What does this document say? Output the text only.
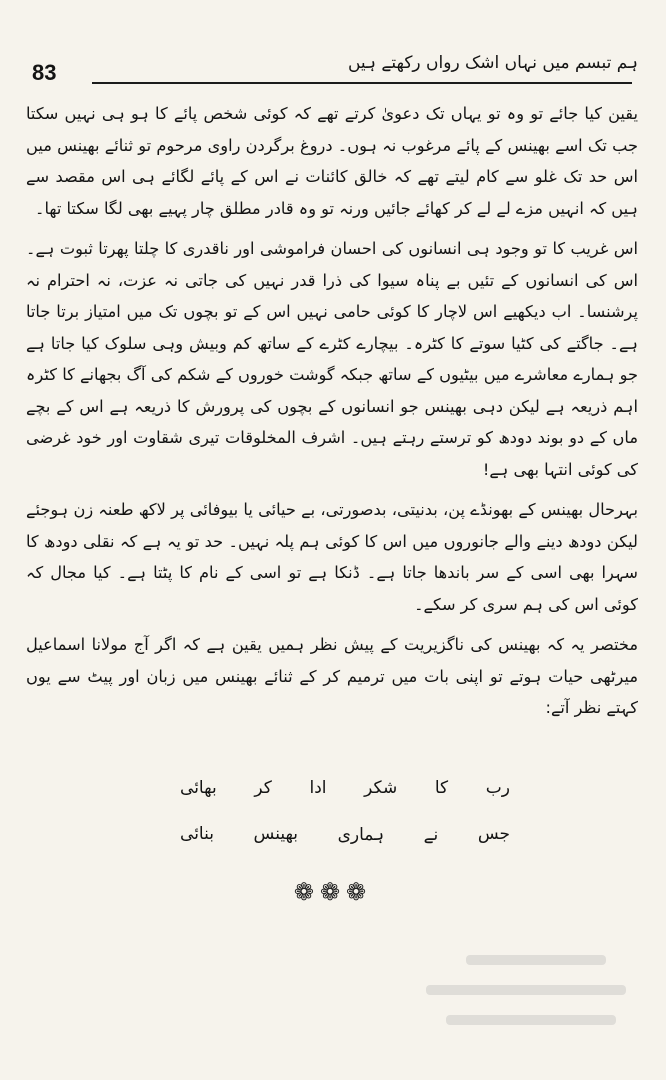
83	ہم تبسم میں نہاں اشک رواں رکھتے ہیں

یقین کیا جائے تو وہ تو یہاں تک دعویٰ کرتے تھے کہ کوئی شخص پائے کا ہو ہی نہیں سکتا جب تک اسے بھینس کے پائے مرغوب نہ ہوں۔ دروغ برگردن راوی مرحوم تو ثنائے بھینس میں اس حد تک غلو سے کام لیتے تھے کہ خالق کائنات نے اس کے پائے لگائے ہی اس مقصد سے ہیں کہ انہیں مزے لے لے کر کھائے جائیں ورنہ تو وہ قادر مطلق چار پہیے بھی لگا سکتا تھا۔

اس غریب کا تو وجود ہی انسانوں کی احسان فراموشی اور ناقدری کا چلتا پھرتا ثبوت ہے۔ اس کی انسانوں کے تئیں بے پناہ سیوا کی ذرا قدر نہیں کی جاتی نہ عزت، نہ احترام نہ پرشنسا۔ اب دیکھیے اس لاچار کا کوئی حامی نہیں اس کے تو بچوں تک میں امتیاز برتا جاتا ہے۔ جاگتے کی کٹیا سوتے کا کٹرہ۔ بیچارے کٹرے کے ساتھ کم وبیش وہی سلوک کیا جاتا ہے جو ہمارے معاشرے میں بیٹیوں کے ساتھ جبکہ گوشت خوروں کے شکم کی آگ بجھانے کا کٹرہ اہم ذریعہ ہے لیکن دہی بھینس جو انسانوں کے بچوں کی پرورش کا ذریعہ ہے اس کے بچے ماں کے دو بوند دودھ کو ترستے رہتے ہیں۔ اشرف المخلوقات تیری شقاوت اور خود غرضی کی کوئی انتہا بھی ہے!

بہرحال بھینس کے بھونڈے پن، بدنیتی، بدصورتی، بے حیائی یا بیوفائی پر لاکھ طعنہ زن ہوجئے لیکن دودھ دینے والے جانوروں میں اس کا کوئی ہم پلہ نہیں۔ حد تو یہ ہے کہ نقلی دودھ کا سہرا بھی اسی کے سر باندھا جاتا ہے۔ ڈنکا ہے تو اسی کے نام کا پٹتا ہے۔ کیا مجال کہ کوئی اس کی ہم سری کر سکے۔

مختصر یہ کہ بھینس کی ناگزیریت کے پیش نظر ہمیں یقین ہے کہ اگر آج مولانا اسماعیل میرٹھی حیات ہوتے تو اپنی بات میں ترمیم کر کے ثنائے بھینس میں زبان اور پیٹ سے یوں کہتے نظر آتے:

رب
کا
شکر
ادا
کر
بھائی
جس
نے
ہماری
بھینس
بنائی
❁❁❁
